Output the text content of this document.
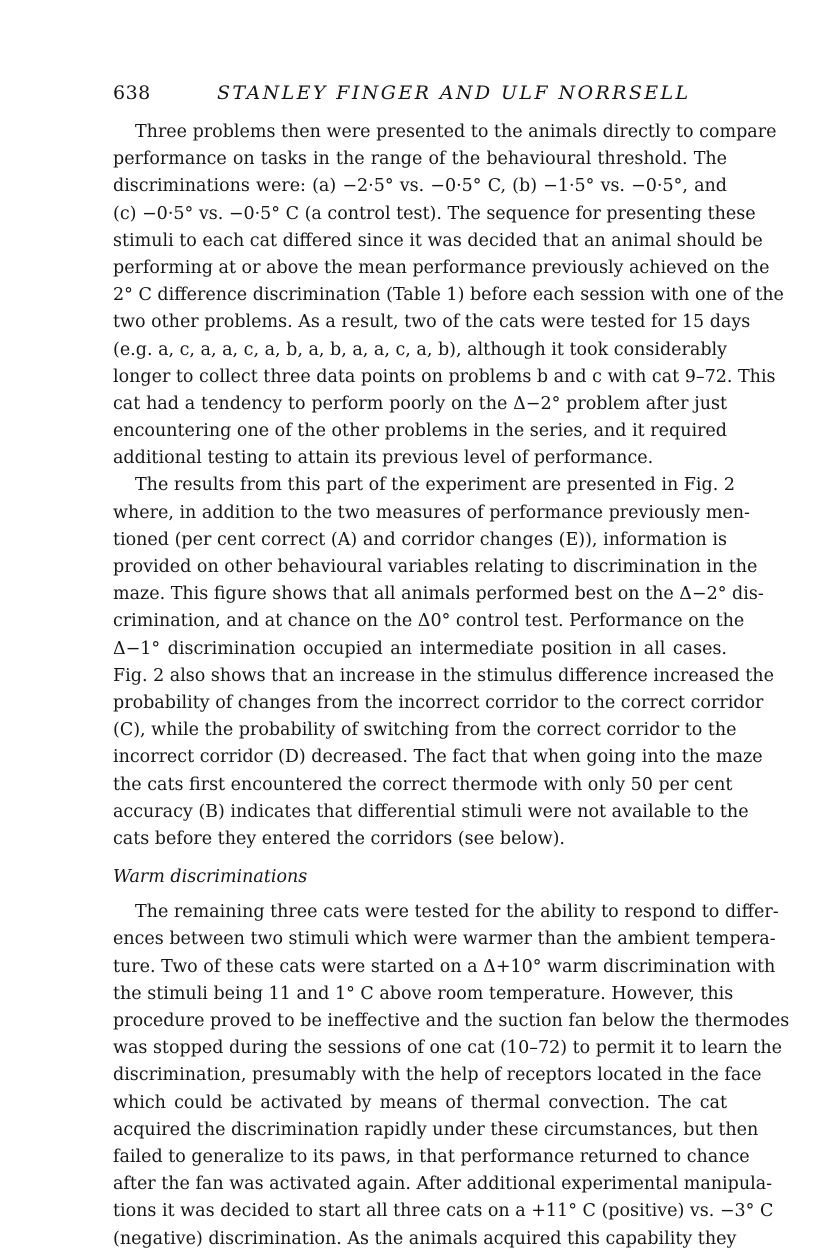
638	STANLEY FINGER AND ULF NORRSELL
Three problems then were presented to the animals directly to compare
performance on tasks in the range of the behavioural threshold. The
discriminations were: (a) −2·5° vs. −0·5° C, (b) −1·5° vs. −0·5°, and
(c) −0·5° vs. −0·5° C (a control test). The sequence for presenting these
stimuli to each cat differed since it was decided that an animal should be
performing at or above the mean performance previously achieved on the
2° C difference discrimination (Table 1) before each session with one of the
two other problems. As a result, two of the cats were tested for 15 days
(e.g. a, c, a, a, c, a, b, a, b, a, a, c, a, b), although it took considerably
longer to collect three data points on problems b and c with cat 9–72. This
cat had a tendency to perform poorly on the Δ−2° problem after just
encountering one of the other problems in the series, and it required
additional testing to attain its previous level of performance.
The results from this part of the experiment are presented in Fig. 2
where, in addition to the two measures of performance previously men-
tioned (per cent correct (A) and corridor changes (E)), information is
provided on other behavioural variables relating to discrimination in the
maze. This figure shows that all animals performed best on the Δ−2° dis-
crimination, and at chance on the Δ0° control test. Performance on the
Δ−1° discrimination occupied an intermediate position in all cases.
Fig. 2 also shows that an increase in the stimulus difference increased the
probability of changes from the incorrect corridor to the correct corridor
(C), while the probability of switching from the correct corridor to the
incorrect corridor (D) decreased. The fact that when going into the maze
the cats first encountered the correct thermode with only 50 per cent
accuracy (B) indicates that differential stimuli were not available to the
cats before they entered the corridors (see below).
Warm discriminations
The remaining three cats were tested for the ability to respond to differ-
ences between two stimuli which were warmer than the ambient tempera-
ture. Two of these cats were started on a Δ+10° warm discrimination with
the stimuli being 11 and 1° C above room temperature. However, this
procedure proved to be ineffective and the suction fan below the thermodes
was stopped during the sessions of one cat (10–72) to permit it to learn the
discrimination, presumably with the help of receptors located in the face
which could be activated by means of thermal convection. The cat
acquired the discrimination rapidly under these circumstances, but then
failed to generalize to its paws, in that performance returned to chance
after the fan was activated again. After additional experimental manipula-
tions it was decided to start all three cats on a +11° C (positive) vs. −3° C
(negative) discrimination. As the animals acquired this capability they
